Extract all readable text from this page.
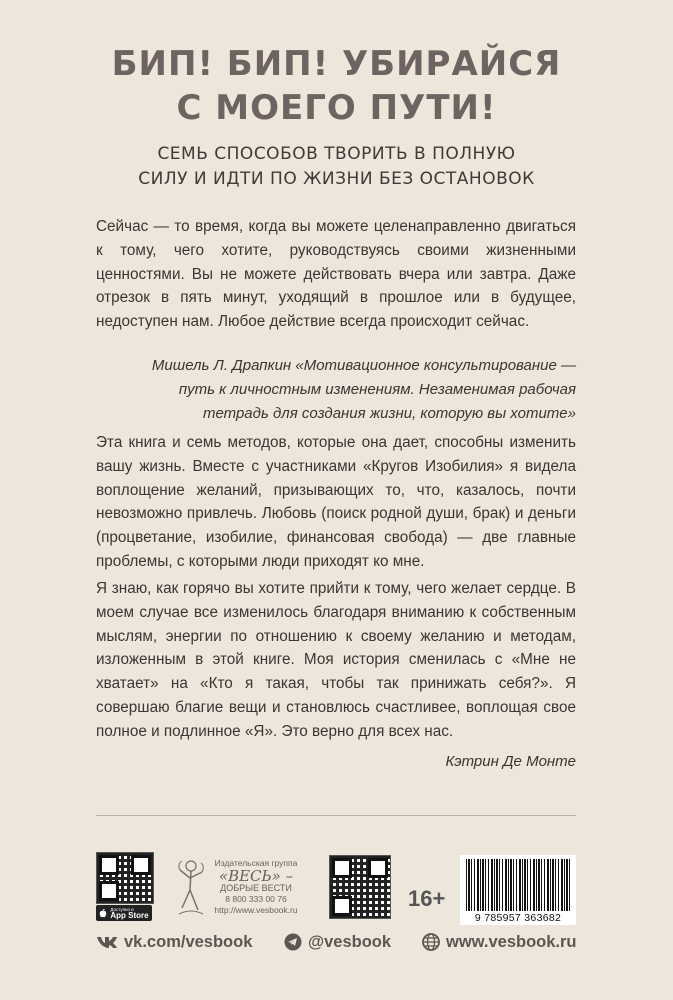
БИП! БИП! УБИРАЙСЯ
С МОЕГО ПУТИ!
СЕМЬ СПОСОБОВ ТВОРИТЬ В ПОЛНУЮ
СИЛУ И ИДТИ ПО ЖИЗНИ БЕЗ ОСТАНОВОК
Сейчас — то время, когда вы можете целенаправленно двигаться к тому, чего хотите, руководствуясь своими жизненными ценностями. Вы не можете действовать вчера или завтра. Даже отрезок в пять минут, уходящий в прошлое или в будущее, недоступен нам. Любое действие всегда происходит сейчас.
Мишель Л. Драпкин «Мотивационное консультирование —
путь к личностным изменениям. Незаменимая рабочая
тетрадь для создания жизни, которую вы хотите»
Эта книга и семь методов, которые она дает, способны изменить вашу жизнь. Вместе с участниками «Кругов Изобилия» я видела воплощение желаний, призывающих то, что, казалось, почти невозможно привлечь. Любовь (поиск родной души, брак) и деньги (процветание, изобилие, финансовая свобода) — две главные проблемы, с которыми люди приходят ко мне.
Я знаю, как горячо вы хотите прийти к тому, чего желает сердце. В моем случае все изменилось благодаря вниманию к собственным мыслям, энергии по отношению к своему желанию и методам, изложенным в этой книге. Моя история сменилась с «Мне не хватает» на «Кто я такая, чтобы так принижать себя?». Я совершаю благие вещи и становлюсь счастливее, воплощая свое полное и подлинное «Я». Это верно для всех нас.
Кэтрин Де Монте
Доступно в
App Store
Издательская группа
«ВЕСЬ» –
ДОБРЫЕ ВЕСТИ
8 800 333 00 76
http://www.vesbook.ru	16+
9 785957 363682
vk.com/vesbook	@vesbook	www.vesbook.ru
